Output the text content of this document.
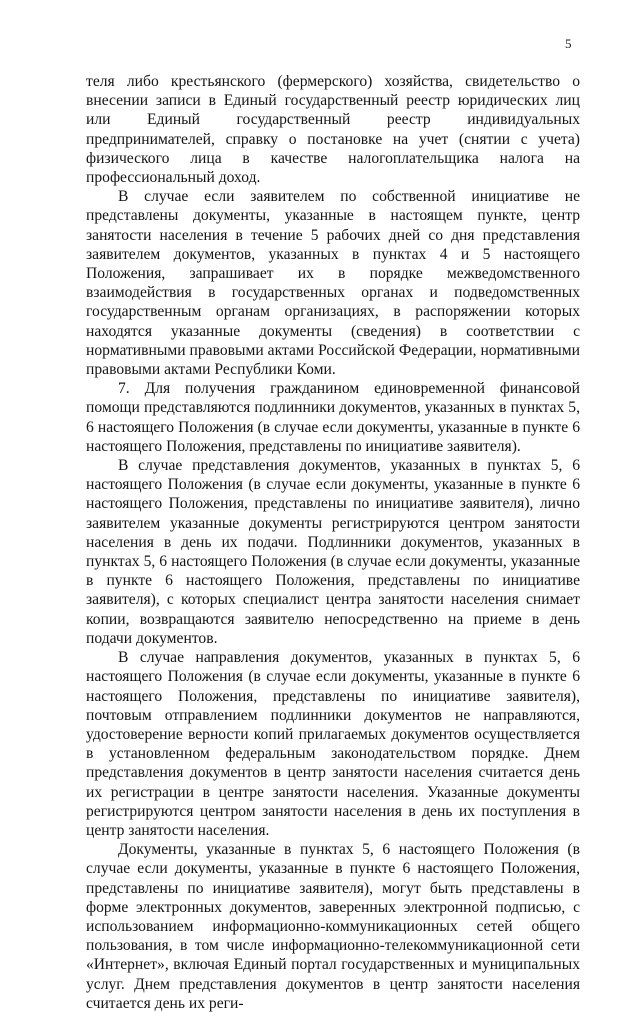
5

теля либо крестьянского (фермерского) хозяйства, свидетельство о внесении записи в Единый государственный реестр юридических лиц или Единый государственный реестр индивидуальных предпринимателей, справку о постановке на учет (снятии с учета) физического лица в качестве налогоплательщика налога на профессиональный доход.

В случае если заявителем по собственной инициативе не представлены документы, указанные в настоящем пункте, центр занятости населения в течение 5 рабочих дней со дня представления заявителем документов, указанных в пунктах 4 и 5 настоящего Положения, запрашивает их в порядке межведомственного взаимодействия в государственных органах и подведомственных государственным органам организациях, в распоряжении которых находятся указанные документы (сведения) в соответствии с нормативными правовыми актами Российской Федерации, нормативными правовыми актами Республики Коми.

7. Для получения гражданином единовременной финансовой помощи представляются подлинники документов, указанных в пунктах 5, 6 настоящего Положения (в случае если документы, указанные в пункте 6 настоящего Положения, представлены по инициативе заявителя).

В случае представления документов, указанных в пунктах 5, 6 настоящего Положения (в случае если документы, указанные в пункте 6 настоящего Положения, представлены по инициативе заявителя), лично заявителем указанные документы регистрируются центром занятости населения в день их подачи. Подлинники документов, указанных в пунктах 5, 6 настоящего Положения (в случае если документы, указанные в пункте 6 настоящего Положения, представлены по инициативе заявителя), с которых специалист центра занятости населения снимает копии, возвращаются заявителю непосредственно на приеме в день подачи документов.

В случае направления документов, указанных в пунктах 5, 6 настоящего Положения (в случае если документы, указанные в пункте 6 настоящего Положения, представлены по инициативе заявителя), почтовым отправлением подлинники документов не направляются, удостоверение верности копий прилагаемых документов осуществляется в установленном федеральным законодательством порядке. Днем представления документов в центр занятости населения считается день их регистрации в центре занятости населения. Указанные документы регистрируются центром занятости населения в день их поступления в центр занятости населения.

Документы, указанные в пунктах 5, 6 настоящего Положения (в случае если документы, указанные в пункте 6 настоящего Положения, представлены по инициативе заявителя), могут быть представлены в форме электронных документов, заверенных электронной подписью, с использованием информационно-коммуникационных сетей общего пользования, в том числе информационно-телекоммуникационной сети «Интернет», включая Единый портал государственных и муниципальных услуг. Днем представления документов в центр занятости населения считается день их реги-
